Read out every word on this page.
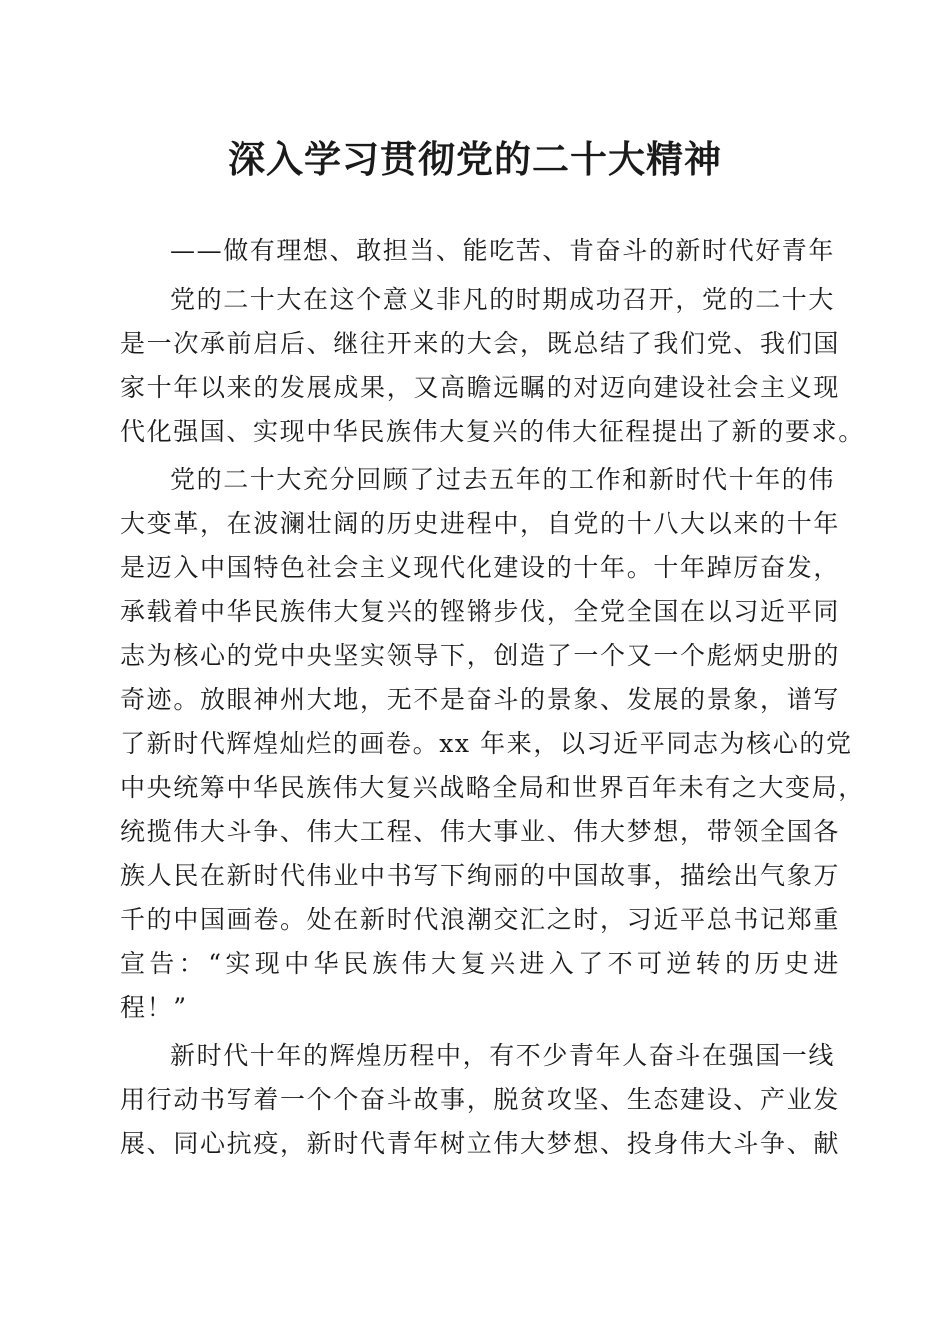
深入学习贯彻党的二十大精神
——做有理想、敢担当、能吃苦、肯奋斗的新时代好青年
党的二十大在这个意义非凡的时期成功召开，党的二十大
是一次承前启后、继往开来的大会，既总结了我们党、我们国
家十年以来的发展成果，又高瞻远瞩的对迈向建设社会主义现
代化强国、实现中华民族伟大复兴的伟大征程提出了新的要求。
党的二十大充分回顾了过去五年的工作和新时代十年的伟
大变革，在波澜壮阔的历史进程中，自党的十八大以来的十年
是迈入中国特色社会主义现代化建设的十年。十年踔厉奋发，
承载着中华民族伟大复兴的铿锵步伐，全党全国在以习近平同
志为核心的党中央坚实领导下，创造了一个又一个彪炳史册的
奇迹。放眼神州大地，无不是奋斗的景象、发展的景象，谱写
了新时代辉煌灿烂的画卷。xx 年来，以习近平同志为核心的党
中央统筹中华民族伟大复兴战略全局和世界百年未有之大变局，
统揽伟大斗争、伟大工程、伟大事业、伟大梦想，带领全国各
族人民在新时代伟业中书写下绚丽的中国故事，描绘出气象万
千的中国画卷。处在新时代浪潮交汇之时，习近平总书记郑重
宣告：“实现中华民族伟大复兴进入了不可逆转的历史进
程！”
新时代十年的辉煌历程中，有不少青年人奋斗在强国一线
用行动书写着一个个奋斗故事，脱贫攻坚、生态建设、产业发
展、同心抗疫，新时代青年树立伟大梦想、投身伟大斗争、献
